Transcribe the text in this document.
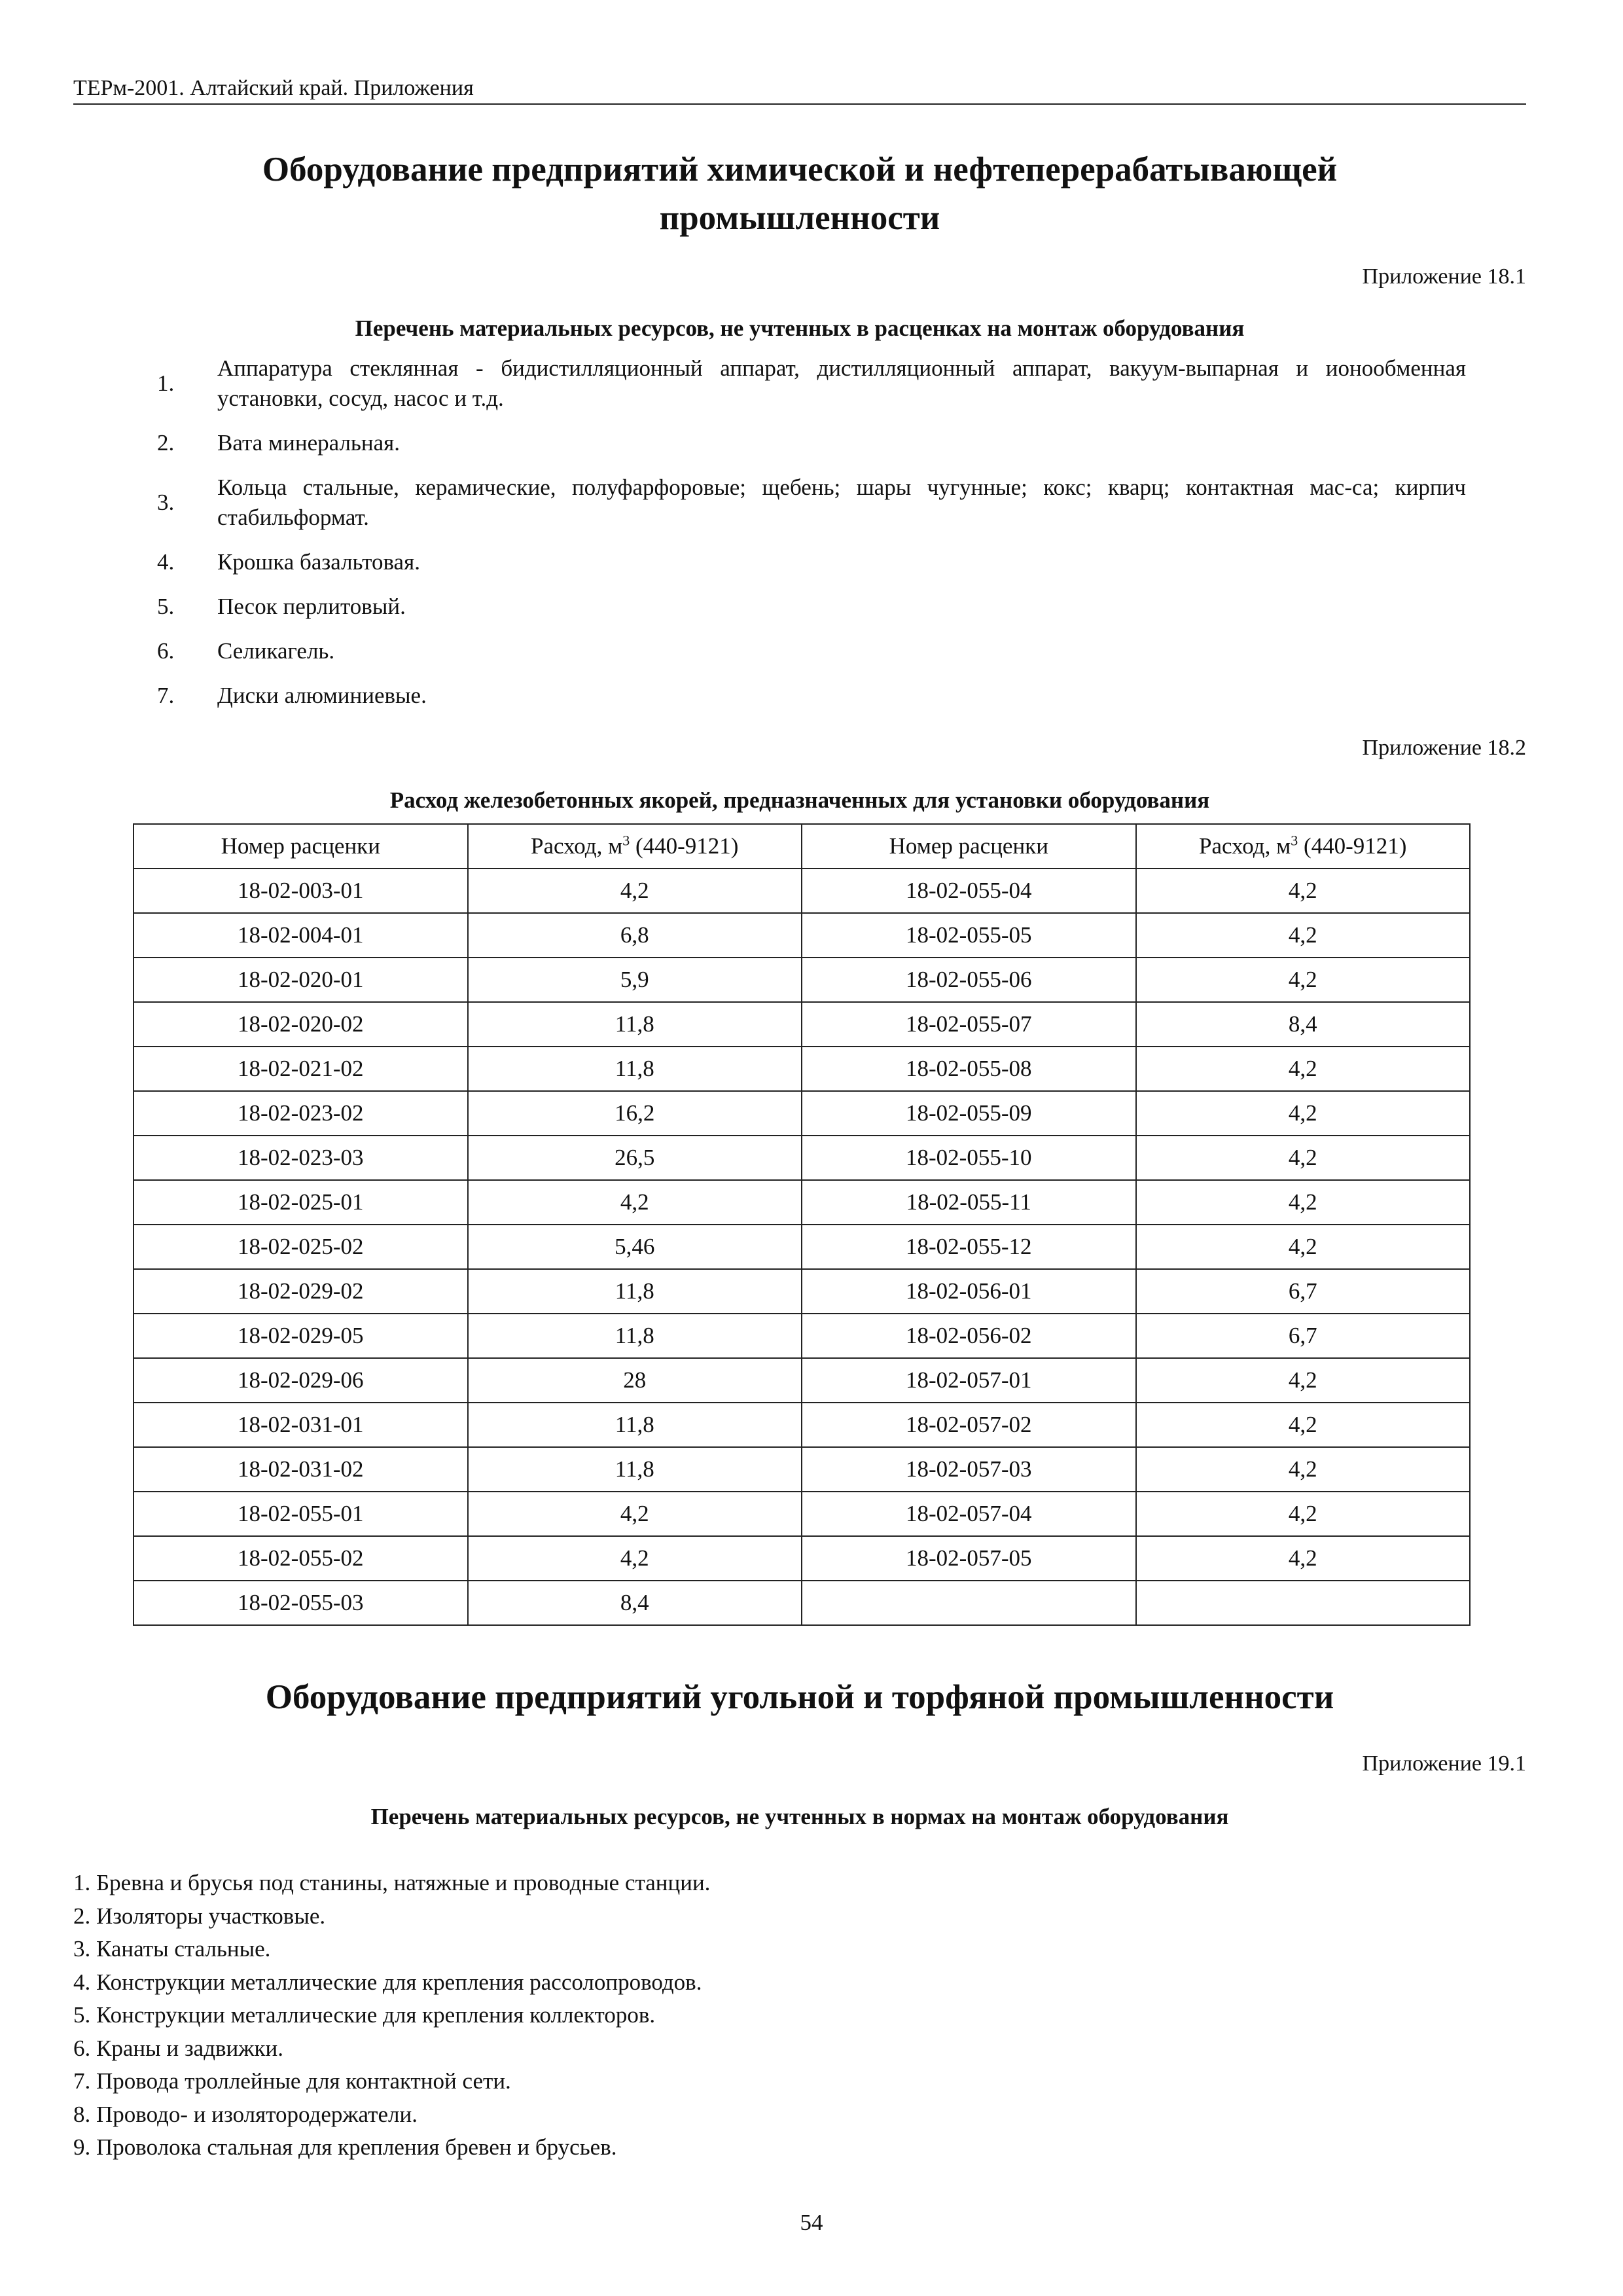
ТЕРм-2001. Алтайский край. Приложения
Оборудование предприятий химической и нефтеперерабатывающей
промышленности
Приложение 18.1
Перечень материальных ресурсов, не учтенных в расценках на монтаж оборудования
1.
Аппаратура стеклянная - бидистилляционный аппарат, дистилляционный аппарат, вакуум-выпарная и ионообменная установки, сосуд, насос и т.д.
2.	Вата минеральная.
3.
Кольца стальные, керамические, полуфарфоровые; щебень; шары чугунные; кокс; кварц; контактная мас-са; кирпич стабильформат.
4.	Крошка базальтовая.
5.	Песок перлитовый.
6.	Селикагель.
7.	Диски алюминиевые.
Приложение 18.2
Расход железобетонных якорей, предназначенных для установки оборудования
Номер расценки	Расход, $м^3$ (440-9121)	Номер расценки	Расход, $м^3$ (440-9121)
18-02-003-01	4,2	18-02-055-04	4,2
18-02-004-01	6,8	18-02-055-05	4,2
18-02-020-01	5,9	18-02-055-06	4,2
18-02-020-02	11,8	18-02-055-07	8,4
18-02-021-02	11,8	18-02-055-08	4,2
18-02-023-02	16,2	18-02-055-09	4,2
18-02-023-03	26,5	18-02-055-10	4,2
18-02-025-01	4,2	18-02-055-11	4,2
18-02-025-02	5,46	18-02-055-12	4,2
18-02-029-02	11,8	18-02-056-01	6,7
18-02-029-05	11,8	18-02-056-02	6,7
18-02-029-06	28	18-02-057-01	4,2
18-02-031-01	11,8	18-02-057-02	4,2
18-02-031-02	11,8	18-02-057-03	4,2
18-02-055-01	4,2	18-02-057-04	4,2
18-02-055-02	4,2	18-02-057-05	4,2
18-02-055-03	8,4		
Оборудование предприятий угольной и торфяной промышленности
Приложение 19.1
Перечень материальных ресурсов, не учтенных в нормах на монтаж оборудования
1. Бревна и брусья под станины, натяжные и проводные станции.
2. Изоляторы участковые.
3. Канаты стальные.
4. Конструкции металлические для крепления рассолопроводов.
5. Конструкции металлические для крепления коллекторов.
6. Краны и задвижки.
7. Провода троллейные для контактной сети.
8. Проводо- и изолятородержатели.
9. Проволока стальная для крепления бревен и брусьев.
54
